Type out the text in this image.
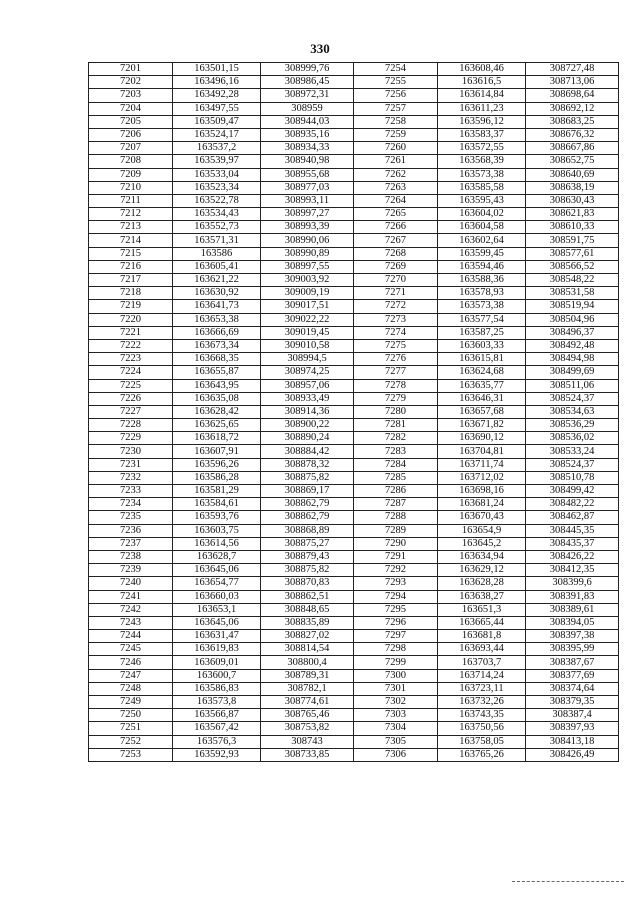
330
7201	163501,15	308999,76	7254	163608,46	308727,48
7202	163496,16	308986,45	7255	163616,5	308713,06
7203	163492,28	308972,31	7256	163614,84	308698,64
7204	163497,55	308959	7257	163611,23	308692,12
7205	163509,47	308944,03	7258	163596,12	308683,25
7206	163524,17	308935,16	7259	163583,37	308676,32
7207	163537,2	308934,33	7260	163572,55	308667,86
7208	163539,97	308940,98	7261	163568,39	308652,75
7209	163533,04	308955,68	7262	163573,38	308640,69
7210	163523,34	308977,03	7263	163585,58	308638,19
7211	163522,78	308993,11	7264	163595,43	308630,43
7212	163534,43	308997,27	7265	163604,02	308621,83
7213	163552,73	308993,39	7266	163604,58	308610,33
7214	163571,31	308990,06	7267	163602,64	308591,75
7215	163586	308990,89	7268	163599,45	308577,61
7216	163605,41	308997,55	7269	163594,46	308566,52
7217	163621,22	309003,92	7270	163588,36	308548,22
7218	163630,92	309009,19	7271	163578,93	308531,58
7219	163641,73	309017,51	7272	163573,38	308519,94
7220	163653,38	309022,22	7273	163577,54	308504,96
7221	163666,69	309019,45	7274	163587,25	308496,37
7222	163673,34	309010,58	7275	163603,33	308492,48
7223	163668,35	308994,5	7276	163615,81	308494,98
7224	163655,87	308974,25	7277	163624,68	308499,69
7225	163643,95	308957,06	7278	163635,77	308511,06
7226	163635,08	308933,49	7279	163646,31	308524,37
7227	163628,42	308914,36	7280	163657,68	308534,63
7228	163625,65	308900,22	7281	163671,82	308536,29
7229	163618,72	308890,24	7282	163690,12	308536,02
7230	163607,91	308884,42	7283	163704,81	308533,24
7231	163596,26	308878,32	7284	163711,74	308524,37
7232	163586,28	308875,82	7285	163712,02	308510,78
7233	163581,29	308869,17	7286	163698,16	308499,42
7234	163584,61	308862,79	7287	163681,24	308482,22
7235	163593,76	308862,79	7288	163670,43	308462,87
7236	163603,75	308868,89	7289	163654,9	308445,35
7237	163614,56	308875,27	7290	163645,2	308435,37
7238	163628,7	308879,43	7291	163634,94	308426,22
7239	163645,06	308875,82	7292	163629,12	308412,35
7240	163654,77	308870,83	7293	163628,28	308399,6
7241	163660,03	308862,51	7294	163638,27	308391,83
7242	163653,1	308848,65	7295	163651,3	308389,61
7243	163645,06	308835,89	7296	163665,44	308394,05
7244	163631,47	308827,02	7297	163681,8	308397,38
7245	163619,83	308814,54	7298	163693,44	308395,99
7246	163609,01	308800,4	7299	163703,7	308387,67
7247	163600,7	308789,31	7300	163714,24	308377,69
7248	163586,83	308782,1	7301	163723,11	308374,64
7249	163573,8	308774,61	7302	163732,26	308379,35
7250	163566,87	308765,46	7303	163743,35	308387,4
7251	163567,42	308753,82	7304	163750,56	308397,93
7252	163576,3	308743	7305	163758,05	308413,18
7253	163592,93	308733,85	7306	163765,26	308426,49
